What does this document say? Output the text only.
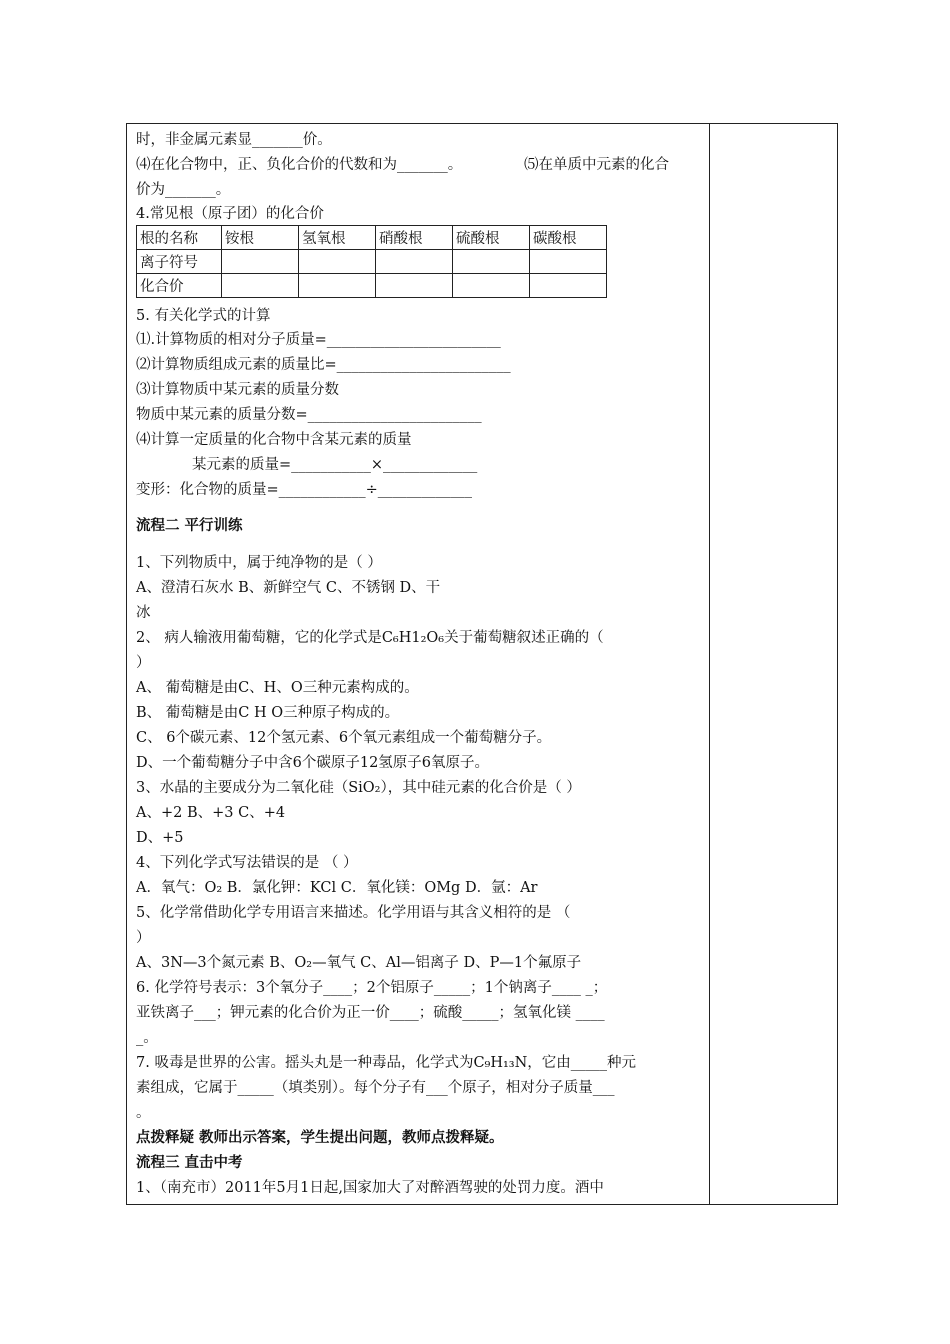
时，非金属元素显_______价。
⑷在化合物中，正、负化合价的代数和为_______。	⑸在单质中元素的化合
价为_______。
4.常见根（原子团）的化合价
根的名称	铵根	氢氧根	硝酸根	硫酸根	碳酸根
离子符号					
化合价					
5. 有关化学式的计算
⑴.计算物质的相对分子质量=________________________
⑵计算物质组成元素的质量比=________________________
⑶计算物质中某元素的质量分数
物质中某元素的质量分数=________________________
⑷计算一定质量的化合物中含某元素的质量
某元素的质量=___________×_____________
变形：化合物的质量=____________÷_____________
流程二 平行训练
1、下列物质中，属于纯净物的是（ ）
A、澄清石灰水 B、新鲜空气 C、不锈钢 D、干
冰
2、 病人输液用葡萄糖，它的化学式是C₆H1₂O₆关于葡萄糖叙述正确的（
）
A、 葡萄糖是由C、H、O三种元素构成的。
B、 葡萄糖是由C H O三种原子构成的。
C、 6个碳元素、12个氢元素、6个氧元素组成一个葡萄糖分子。
D、一个葡萄糖分子中含6个碳原子12氢原子6氧原子。
3、水晶的主要成分为二氧化硅（SiO₂），其中硅元素的化合价是（ ）
A、+2 B、+3 C、+4
D、+5
4、下列化学式写法错误的是 （ ）
A．氧气：O₂ B．氯化钾：KCl C．氧化镁：OMg D．氩：Ar
5、化学常借助化学专用语言来描述。化学用语与其含义相符的是 （
）
A、3N—3个氮元素 B、O₂—氧气 C、Al—铝离子 D、P—1个氟原子
6. 化学符号表示：3个氧分子____；2个铝原子_____；1个钠离子____ _；
亚铁离子___；钾元素的化合价为正一价____；硫酸_____；氢氧化镁 ____
_。
7. 吸毒是世界的公害。摇头丸是一种毒品，化学式为C₉H₁₃N，它由_____种元
素组成，它属于_____（填类别）。每个分子有___个原子，相对分子质量___
。
点拨释疑 教师出示答案，学生提出问题，教师点拨释疑。
流程三 直击中考
1、（南充市）2011年5月1日起,国家加大了对醉酒驾驶的处罚力度。酒中
